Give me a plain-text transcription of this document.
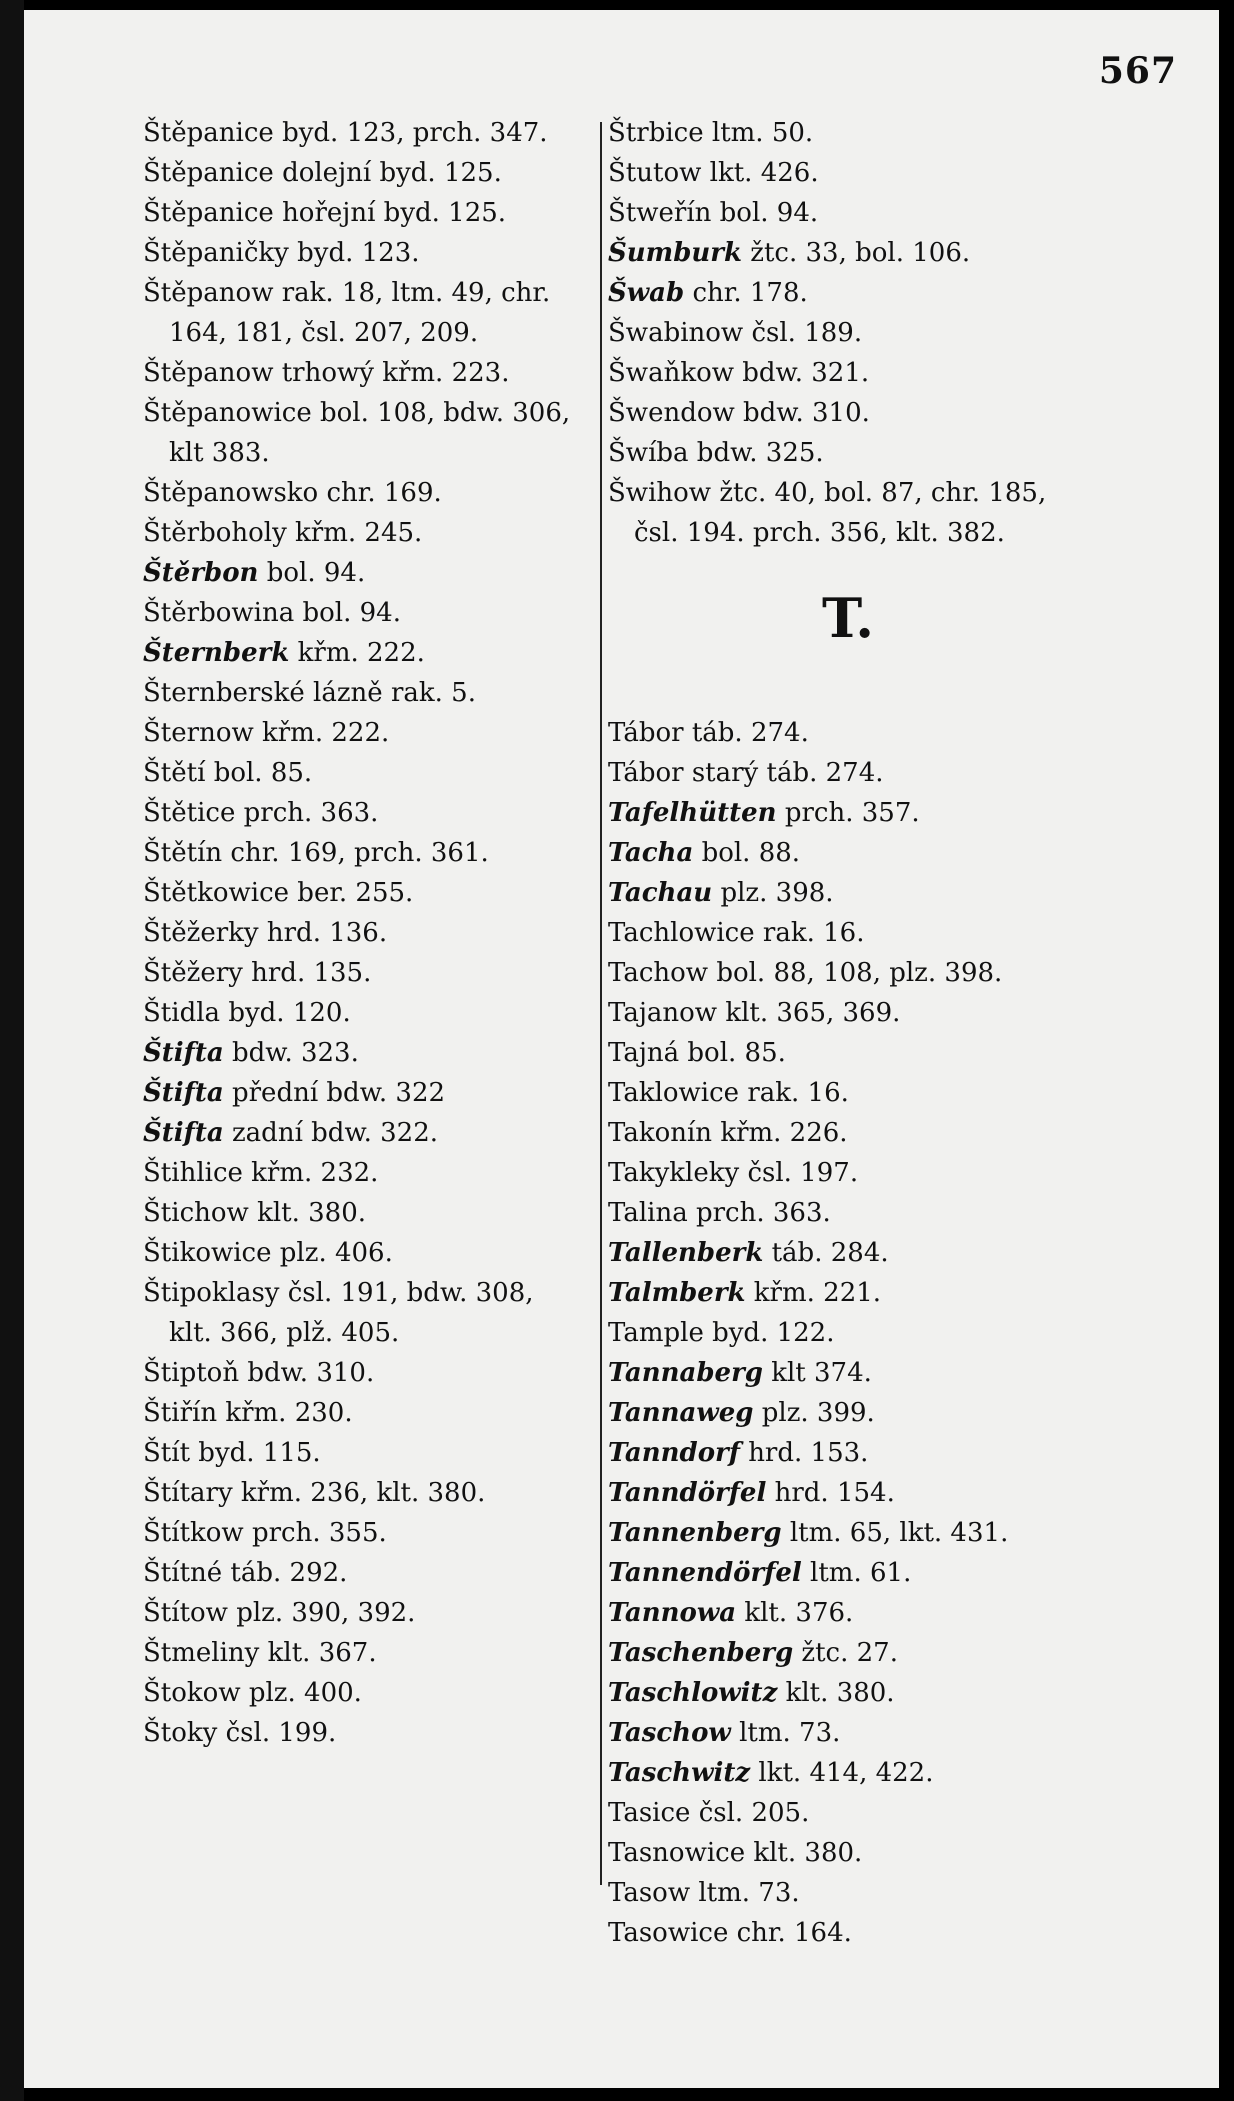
567
Štěpanice byd. 123, prch. 347.
Štěpanice dolejní byd. 125.
Štěpanice hořejní byd. 125.
Štěpaničky byd. 123.
Štěpanow rak. 18, ltm. 49, chr. 164, 181, čsl. 207, 209.
Štěpanow trhowý křm. 223.
Štěpanowice bol. 108, bdw. 306, klt 383.
Štěpanowsko chr. 169.
Štěrboholy křm. 245.
Štěrbon bol. 94.
Štěrbowina bol. 94.
Šternberk křm. 222.
Šternberské lázně rak. 5.
Šternow křm. 222.
Štětí bol. 85.
Štětice prch. 363.
Štětín chr. 169, prch. 361.
Štětkowice ber. 255.
Štěžerky hrd. 136.
Štěžery hrd. 135.
Štidla byd. 120.
Štifta bdw. 323.
Štifta přední bdw. 322
Štifta zadní bdw. 322.
Štihlice křm. 232.
Štichow klt. 380.
Štikowice plz. 406.
Štipoklasy čsl. 191, bdw. 308, klt. 366, plž. 405.
Štiptoň bdw. 310.
Štiřín křm. 230.
Štít byd. 115.
Štítary křm. 236, klt. 380.
Štítkow prch. 355.
Štítné táb. 292.
Štítow plz. 390, 392.
Štmeliny klt. 367.
Štokow plz. 400.
Štoky čsl. 199.
Štrbice ltm. 50.
Štutow lkt. 426.
Štweřín bol. 94.
Šumburk žtc. 33, bol. 106.
Šwab chr. 178.
Šwabinow čsl. 189.
Šwaňkow bdw. 321.
Šwendow bdw. 310.
Šwíba bdw. 325.
Šwihow žtc. 40, bol. 87, chr. 185, čsl. 194. prch. 356, klt. 382.
T.
Tábor táb. 274.
Tábor starý táb. 274.
Tafelhütten prch. 357.
Tacha bol. 88.
Tachau plz. 398.
Tachlowice rak. 16.
Tachow bol. 88, 108, plz. 398.
Tajanow klt. 365, 369.
Tajná bol. 85.
Taklowice rak. 16.
Takonín křm. 226.
Takykleky čsl. 197.
Talina prch. 363.
Tallenberk táb. 284.
Talmberk křm. 221.
Tample byd. 122.
Tannaberg klt 374.
Tannaweg plz. 399.
Tanndorf hrd. 153.
Tanndörfel hrd. 154.
Tannenberg ltm. 65, lkt. 431.
Tannendörfel ltm. 61.
Tannowa klt. 376.
Taschenberg žtc. 27.
Taschlowitz klt. 380.
Taschow ltm. 73.
Taschwitz lkt. 414, 422.
Tasice čsl. 205.
Tasnowice klt. 380.
Tasow ltm. 73.
Tasowice chr. 164.
